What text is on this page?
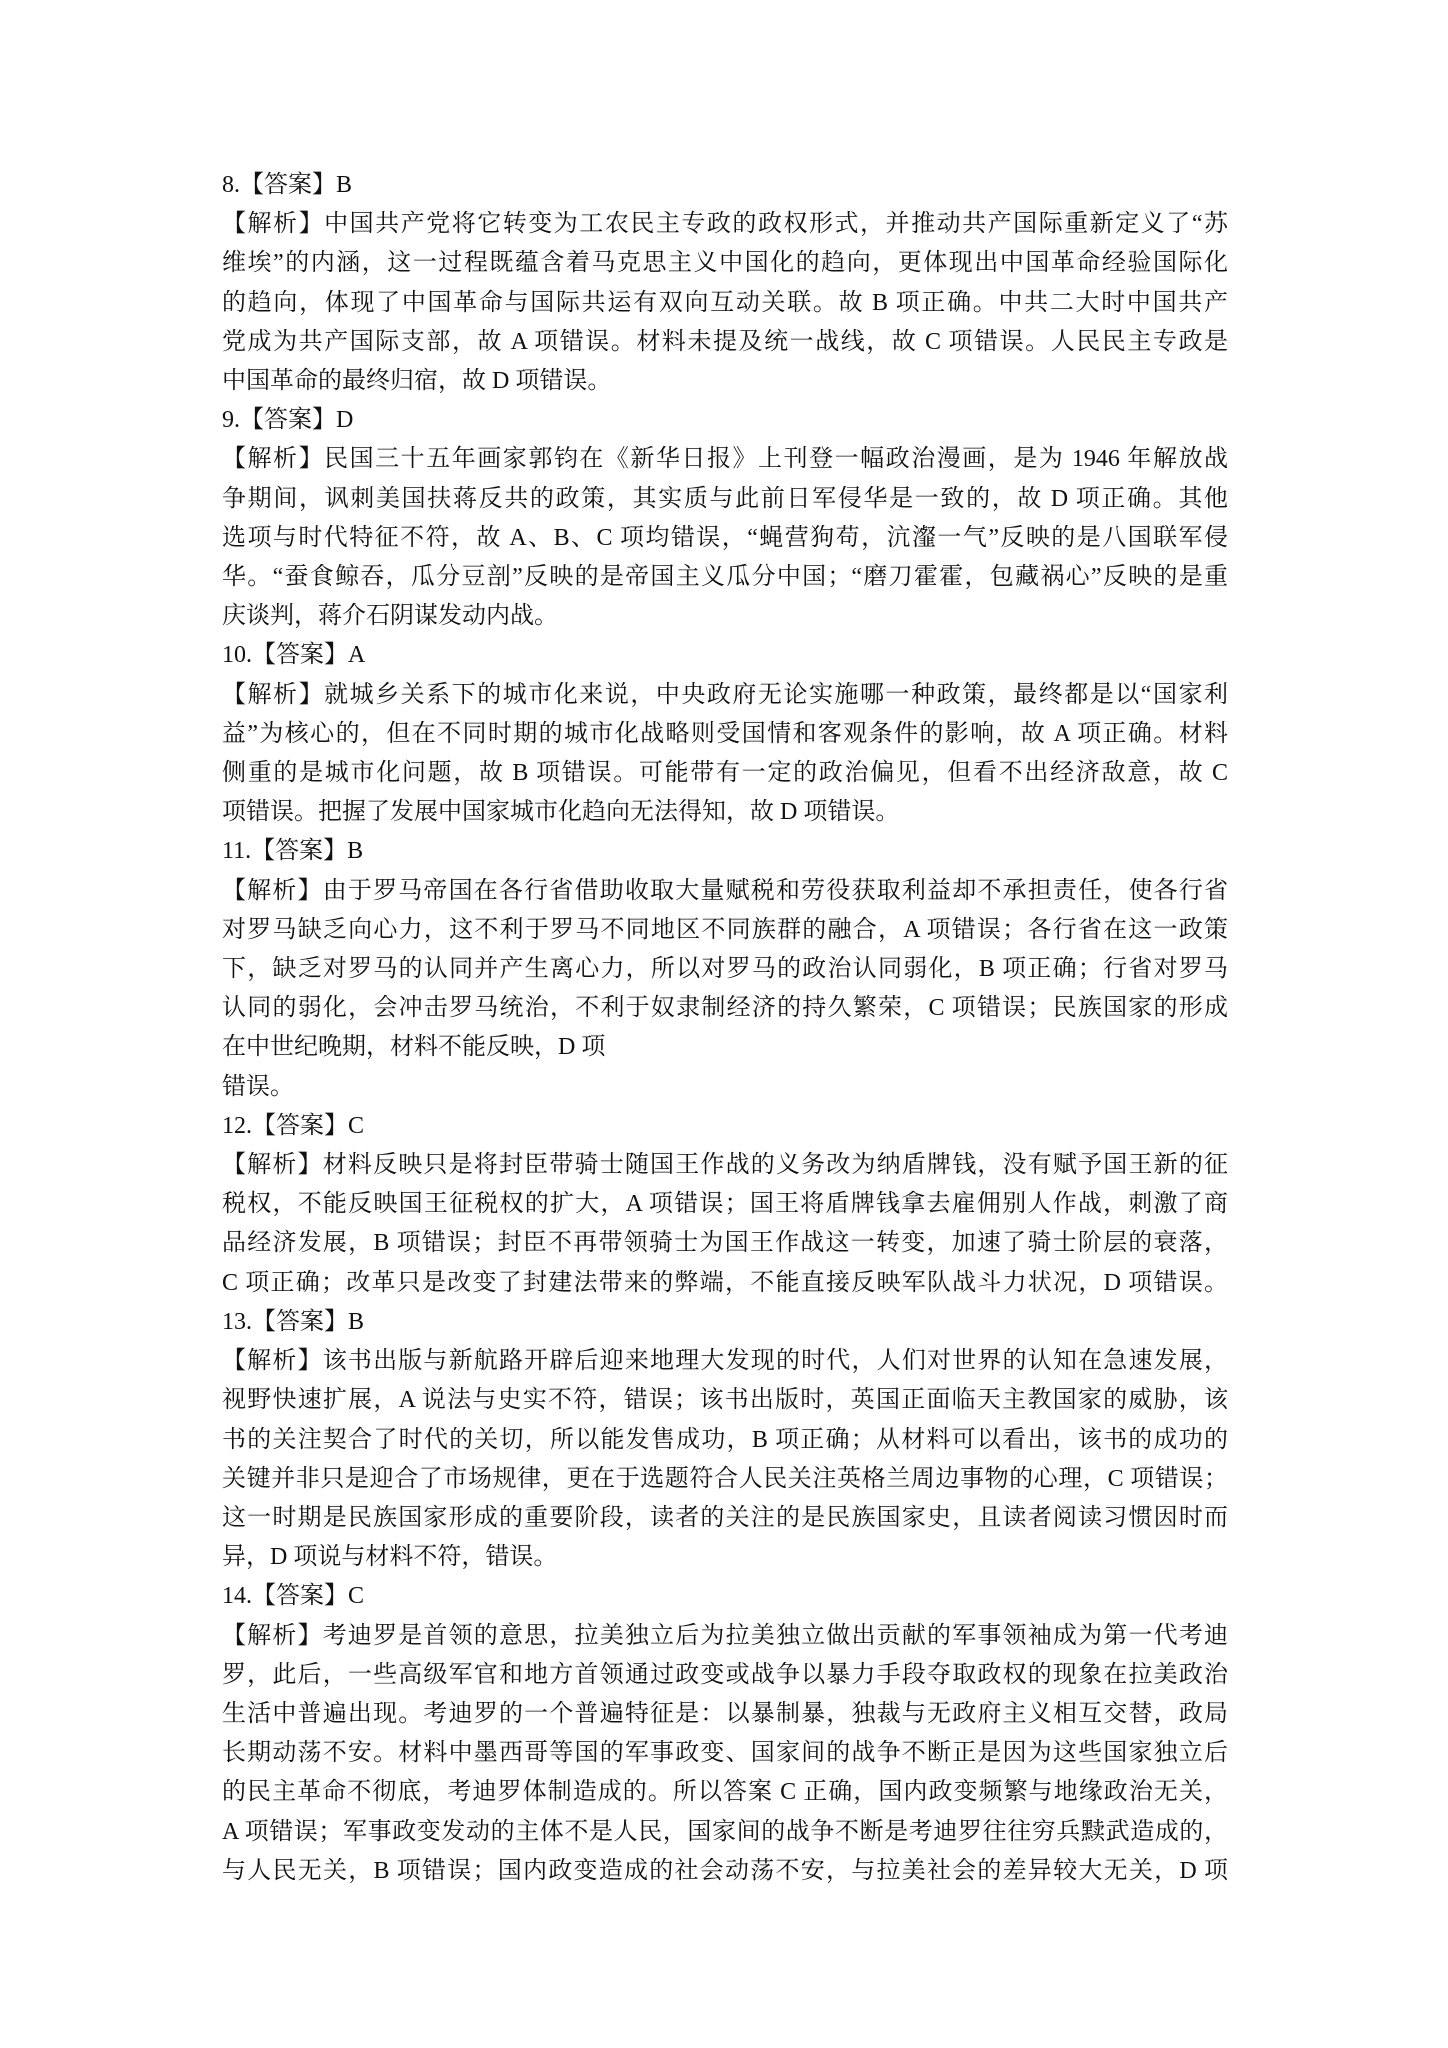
8.【答案】B
【解析】中国共产党将它转变为工农民主专政的政权形式，并推动共产国际重新定义了“苏
维埃”的内涵，这一过程既蕴含着马克思主义中国化的趋向，更体现出中国革命经验国际化
的趋向，体现了中国革命与国际共运有双向互动关联。故 B 项正确。中共二大时中国共产
党成为共产国际支部，故 A 项错误。材料未提及统一战线，故 C 项错误。人民民主专政是
中国革命的最终归宿，故 D 项错误。
9.【答案】D
【解析】民国三十五年画家郭钧在《新华日报》上刊登一幅政治漫画，是为 1946 年解放战
争期间，讽刺美国扶蒋反共的政策，其实质与此前日军侵华是一致的，故 D 项正确。其他
选项与时代特征不符，故 A、B、C 项均错误，“蝇营狗苟，沆瀣一气”反映的是八国联军侵
华。“蚕食鲸吞，瓜分豆剖”反映的是帝国主义瓜分中国；“磨刀霍霍，包藏祸心”反映的是重
庆谈判，蒋介石阴谋发动内战。
10.【答案】A
【解析】就城乡关系下的城市化来说，中央政府无论实施哪一种政策，最终都是以“国家利
益”为核心的，但在不同时期的城市化战略则受国情和客观条件的影响，故 A 项正确。材料
侧重的是城市化问题，故 B 项错误。可能带有一定的政治偏见，但看不出经济敌意，故 C
项错误。把握了发展中国家城市化趋向无法得知，故 D 项错误。
11.【答案】B
【解析】由于罗马帝国在各行省借助收取大量赋税和劳役获取利益却不承担责任，使各行省
对罗马缺乏向心力，这不利于罗马不同地区不同族群的融合，A 项错误；各行省在这一政策
下，缺乏对罗马的认同并产生离心力，所以对罗马的政治认同弱化，B 项正确；行省对罗马
认同的弱化，会冲击罗马统治，不利于奴隶制经济的持久繁荣，C 项错误；民族国家的形成
在中世纪晚期，材料不能反映，D 项
错误。
12.【答案】C
【解析】材料反映只是将封臣带骑士随国王作战的义务改为纳盾牌钱，没有赋予国王新的征
税权，不能反映国王征税权的扩大，A 项错误；国王将盾牌钱拿去雇佣别人作战，刺激了商
品经济发展，B 项错误；封臣不再带领骑士为国王作战这一转变，加速了骑士阶层的衰落，
C 项正确；改革只是改变了封建法带来的弊端，不能直接反映军队战斗力状况，D 项错误。
13.【答案】B
【解析】该书出版与新航路开辟后迎来地理大发现的时代，人们对世界的认知在急速发展，
视野快速扩展，A 说法与史实不符，错误；该书出版时，英国正面临天主教国家的威胁，该
书的关注契合了时代的关切，所以能发售成功，B 项正确；从材料可以看出，该书的成功的
关键并非只是迎合了市场规律，更在于选题符合人民关注英格兰周边事物的心理，C 项错误；
这一时期是民族国家形成的重要阶段，读者的关注的是民族国家史，且读者阅读习惯因时而
异，D 项说与材料不符，错误。
14.【答案】C
【解析】考迪罗是首领的意思，拉美独立后为拉美独立做出贡献的军事领袖成为第一代考迪
罗，此后，一些高级军官和地方首领通过政变或战争以暴力手段夺取政权的现象在拉美政治
生活中普遍出现。考迪罗的一个普遍特征是：以暴制暴，独裁与无政府主义相互交替，政局
长期动荡不安。材料中墨西哥等国的军事政变、国家间的战争不断正是因为这些国家独立后
的民主革命不彻底，考迪罗体制造成的。所以答案 C 正确，国内政变频繁与地缘政治无关，
A 项错误；军事政变发动的主体不是人民，国家间的战争不断是考迪罗往往穷兵黩武造成的，
与人民无关，B 项错误；国内政变造成的社会动荡不安，与拉美社会的差异较大无关，D 项
